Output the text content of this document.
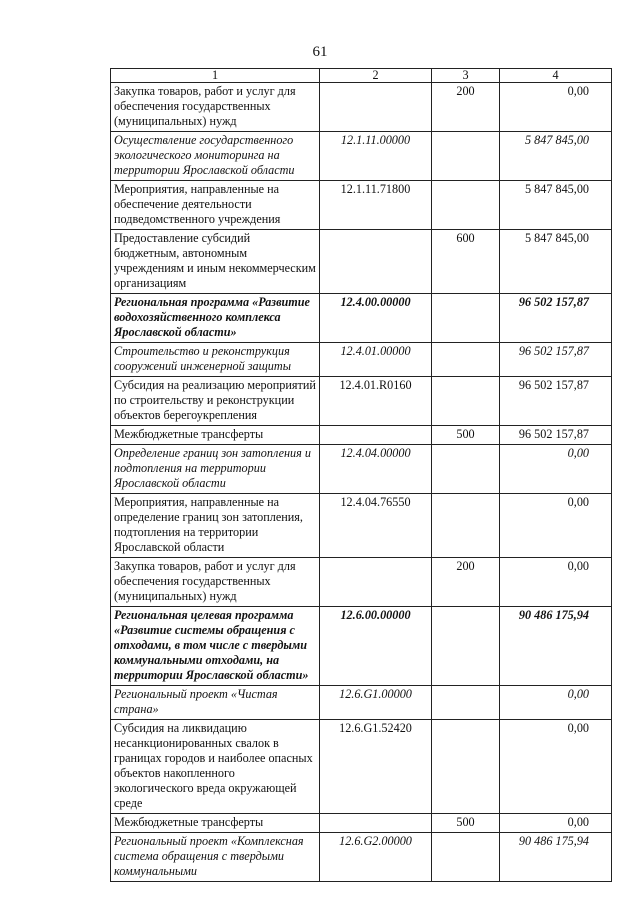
61
1	2	3	4
Закупка товаров, работ и услуг для обеспечения государственных (муниципальных) нужд		200	0,00
Осуществление государственного экологического мониторинга на территории Ярославской области	12.1.11.00000		5 847 845,00
Мероприятия, направленные на обеспечение деятельности подведомственного учреждения	12.1.11.71800		5 847 845,00
Предоставление субсидий бюджетным, автономным учреждениям и иным некоммерческим организациям		600	5 847 845,00
Региональная программа «Развитие водохозяйственного комплекса Ярославской области»	12.4.00.00000		96 502 157,87
Строительство и реконструкция сооружений инженерной защиты	12.4.01.00000		96 502 157,87
Субсидия на реализацию мероприятий по строительству и реконструкции объектов берегоукрепления	12.4.01.R0160		96 502 157,87
Межбюджетные трансферты		500	96 502 157,87
Определение границ зон затопления и подтопления на территории Ярославской области	12.4.04.00000		0,00
Мероприятия, направленные на определение границ зон затопления, подтопления на территории Ярославской области	12.4.04.76550		0,00
Закупка товаров, работ и услуг для обеспечения государственных (муниципальных) нужд		200	0,00
Региональная целевая программа «Развитие системы обращения с отходами, в том числе с твердыми коммунальными отходами, на территории Ярославской области»	12.6.00.00000		90 486 175,94
Региональный проект «Чистая страна»	12.6.G1.00000		0,00
Субсидия на ликвидацию несанкционированных свалок в границах городов и наиболее опасных объектов накопленного экологического вреда окружающей среде	12.6.G1.52420		0,00
Межбюджетные трансферты		500	0,00
Региональный проект «Комплексная система обращения с твердыми коммунальными	12.6.G2.00000		90 486 175,94
